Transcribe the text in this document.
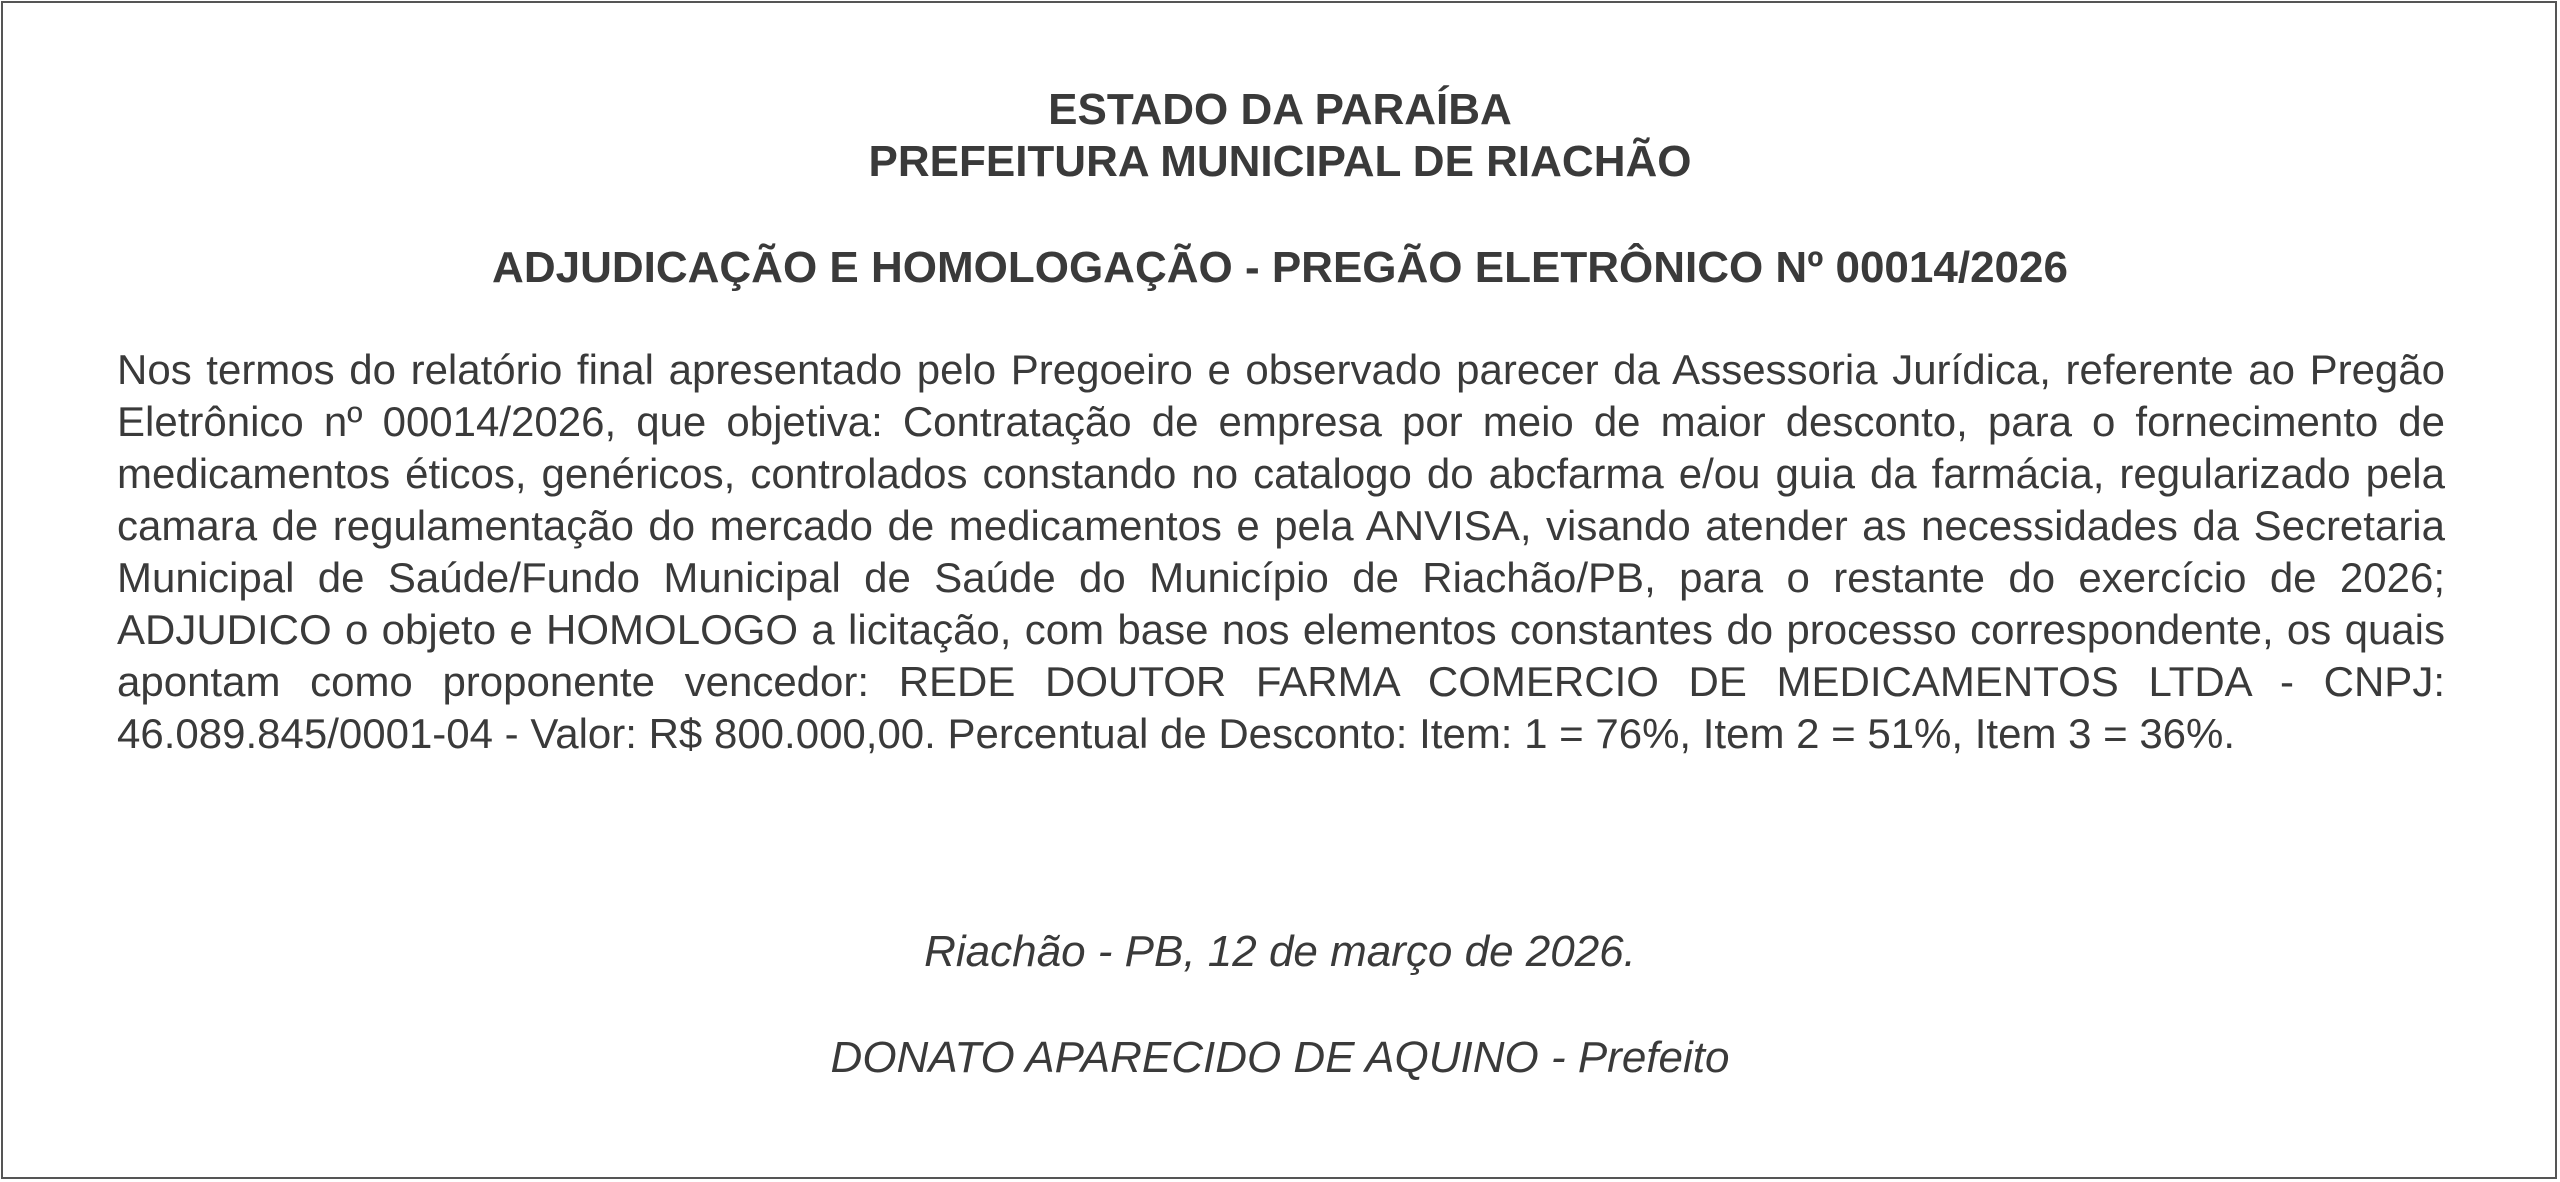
ESTADO DA PARAÍBA
PREFEITURA MUNICIPAL DE RIACHÃO
ADJUDICAÇÃO E HOMOLOGAÇÃO - PREGÃO ELETRÔNICO Nº 00014/2026

Nos termos do relatório final apresentado pelo Pregoeiro e observado parecer da Assessoria Jurídica, referente ao Pregão Eletrônico nº 00014/2026, que objetiva: Contratação de empresa por meio de maior desconto, para o fornecimento de medicamentos éticos, genéricos, controlados constando no catalogo do abcfarma e/ou guia da farmácia, regularizado pela camara de regulamentação do mercado de medicamentos e pela ANVISA, visando atender as necessidades da Secretaria Municipal de Saúde/Fundo Municipal de Saúde do Município de Riachão/PB, para o restante do exercício de 2026; ADJUDICO o objeto e HOMOLOGO a licitação, com base nos elementos constantes do processo correspondente, os quais apontam como proponente vencedor: REDE DOUTOR FARMA COMERCIO DE MEDICAMENTOS LTDA - CNPJ: 46.089.845/0001-04 - Valor: R$ 800.000,00. Percentual de Desconto: Item: 1 = 76%, Item 2 = 51%, Item 3 = 36%.

Riachão - PB, 12 de março de 2026.
DONATO APARECIDO DE AQUINO - Prefeito
